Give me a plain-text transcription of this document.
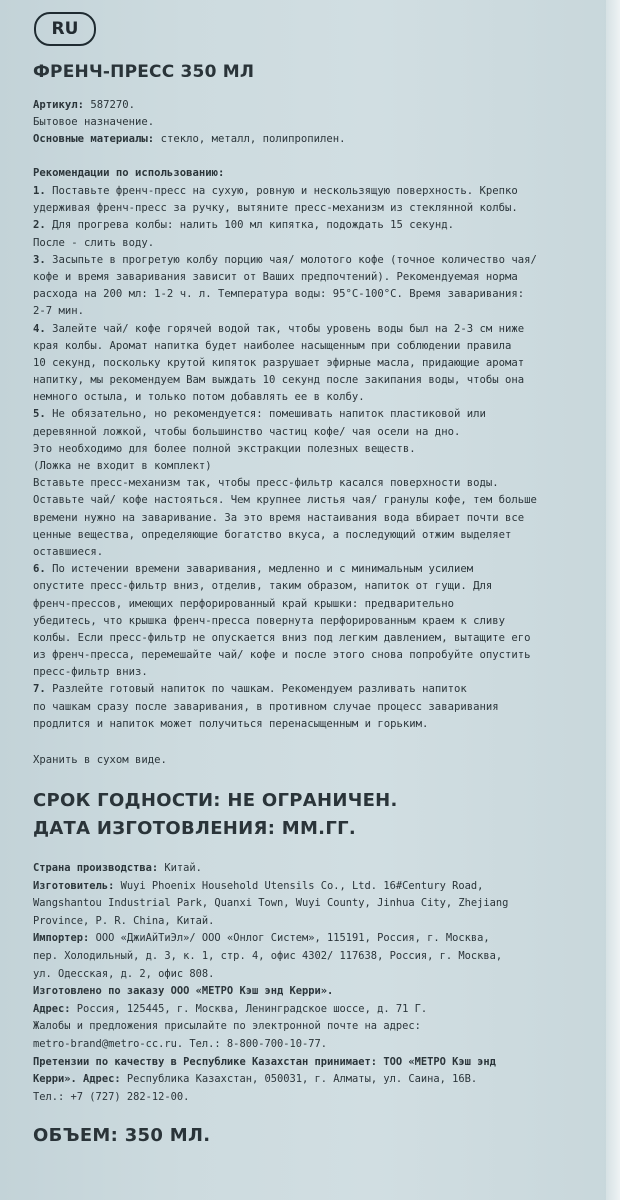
RU
ФРЕНЧ-ПРЕСС 350 МЛ
Артикул: 587270.
Бытовое назначение.
Основные материалы: стекло, металл, полипропилен.
Рекомендации по использованию:
1. Поставьте френч-пресс на сухую, ровную и нескользящую поверхность. Крепко
удерживая френч-пресс за ручку, вытяните пресс-механизм из стеклянной колбы.
2. Для прогрева колбы: налить 100 мл кипятка, подождать 15 секунд.
После - слить воду.
3. Засыпьте в прогретую колбу порцию чая/ молотого кофе (точное количество чая/
кофе и время заваривания зависит от Ваших предпочтений). Рекомендуемая норма
расхода на 200 мл: 1-2 ч. л. Температура воды: 95°С-100°С. Время заваривания:
2-7 мин.
4. Залейте чай/ кофе горячей водой так, чтобы уровень воды был на 2-3 см ниже
края колбы. Аромат напитка будет наиболее насыщенным при соблюдении правила
10 секунд, поскольку крутой кипяток разрушает эфирные масла, придающие аромат
напитку, мы рекомендуем Вам выждать 10 секунд после закипания воды, чтобы она
немного остыла, и только потом добавлять ее в колбу.
5. Не обязательно, но рекомендуется: помешивать напиток пластиковой или
деревянной ложкой, чтобы большинство частиц кофе/ чая осели на дно.
Это необходимо для более полной экстракции полезных веществ.
(Ложка не входит в комплект)
Вставьте пресс-механизм так, чтобы пресс-фильтр касался поверхности воды.
Оставьте чай/ кофе настояться. Чем крупнее листья чая/ гранулы кофе, тем больше
времени нужно на заваривание. За это время настаивания вода вбирает почти все
ценные вещества, определяющие богатство вкуса, а последующий отжим выделяет
оставшиеся.
6. По истечении времени заваривания, медленно и с минимальным усилием
опустите пресс-фильтр вниз, отделив, таким образом, напиток от гущи. Для
френч-прессов, имеющих перфорированный край крышки: предварительно
убедитесь, что крышка френч-пресса повернута перфорированным краем к сливу
колбы. Если пресс-фильтр не опускается вниз под легким давлением, вытащите его
из френч-пресса, перемешайте чай/ кофе и после этого снова попробуйте опустить
пресс-фильтр вниз.
7. Разлейте готовый напиток по чашкам. Рекомендуем разливать напиток
по чашкам сразу после заваривания, в противном случае процесс заваривания
продлится и напиток может получиться перенасыщенным и горьким.
Хранить в сухом виде.
СРОК ГОДНОСТИ: НЕ ОГРАНИЧЕН.
ДАТА ИЗГОТОВЛЕНИЯ: ММ.ГГ.
Страна производства: Китай.
Изготовитель: Wuyi Phoenix Household Utensils Co., Ltd. 16#Century Road,
Wangshantou Industrial Park, Quanxi Town, Wuyi County, Jinhua City, Zhejiang
Province, P. R. China, Китай.
Импортер: ООО «ДжиАйТиЭл»/ ООО «Онлог Систем», 115191, Россия, г. Москва,
пер. Холодильный, д. 3, к. 1, стр. 4, офис 4302/ 117638, Россия, г. Москва,
ул. Одесская, д. 2, офис 808.
Изготовлено по заказу ООО «МЕТРО Кэш энд Керри».
Адрес: Россия, 125445, г. Москва, Ленинградское шоссе, д. 71 Г.
Жалобы и предложения присылайте по электронной почте на адрес:
metro-brand@metro-cc.ru. Тел.: 8-800-700-10-77.
Претензии по качеству в Республике Казахстан принимает: ТОО «МЕТРО Кэш энд
Керри». Адрес: Республика Казахстан, 050031, г. Алматы, ул. Саина, 16В.
Тел.: +7 (727) 282-12-00.
ОБЪЕМ: 350 МЛ.
